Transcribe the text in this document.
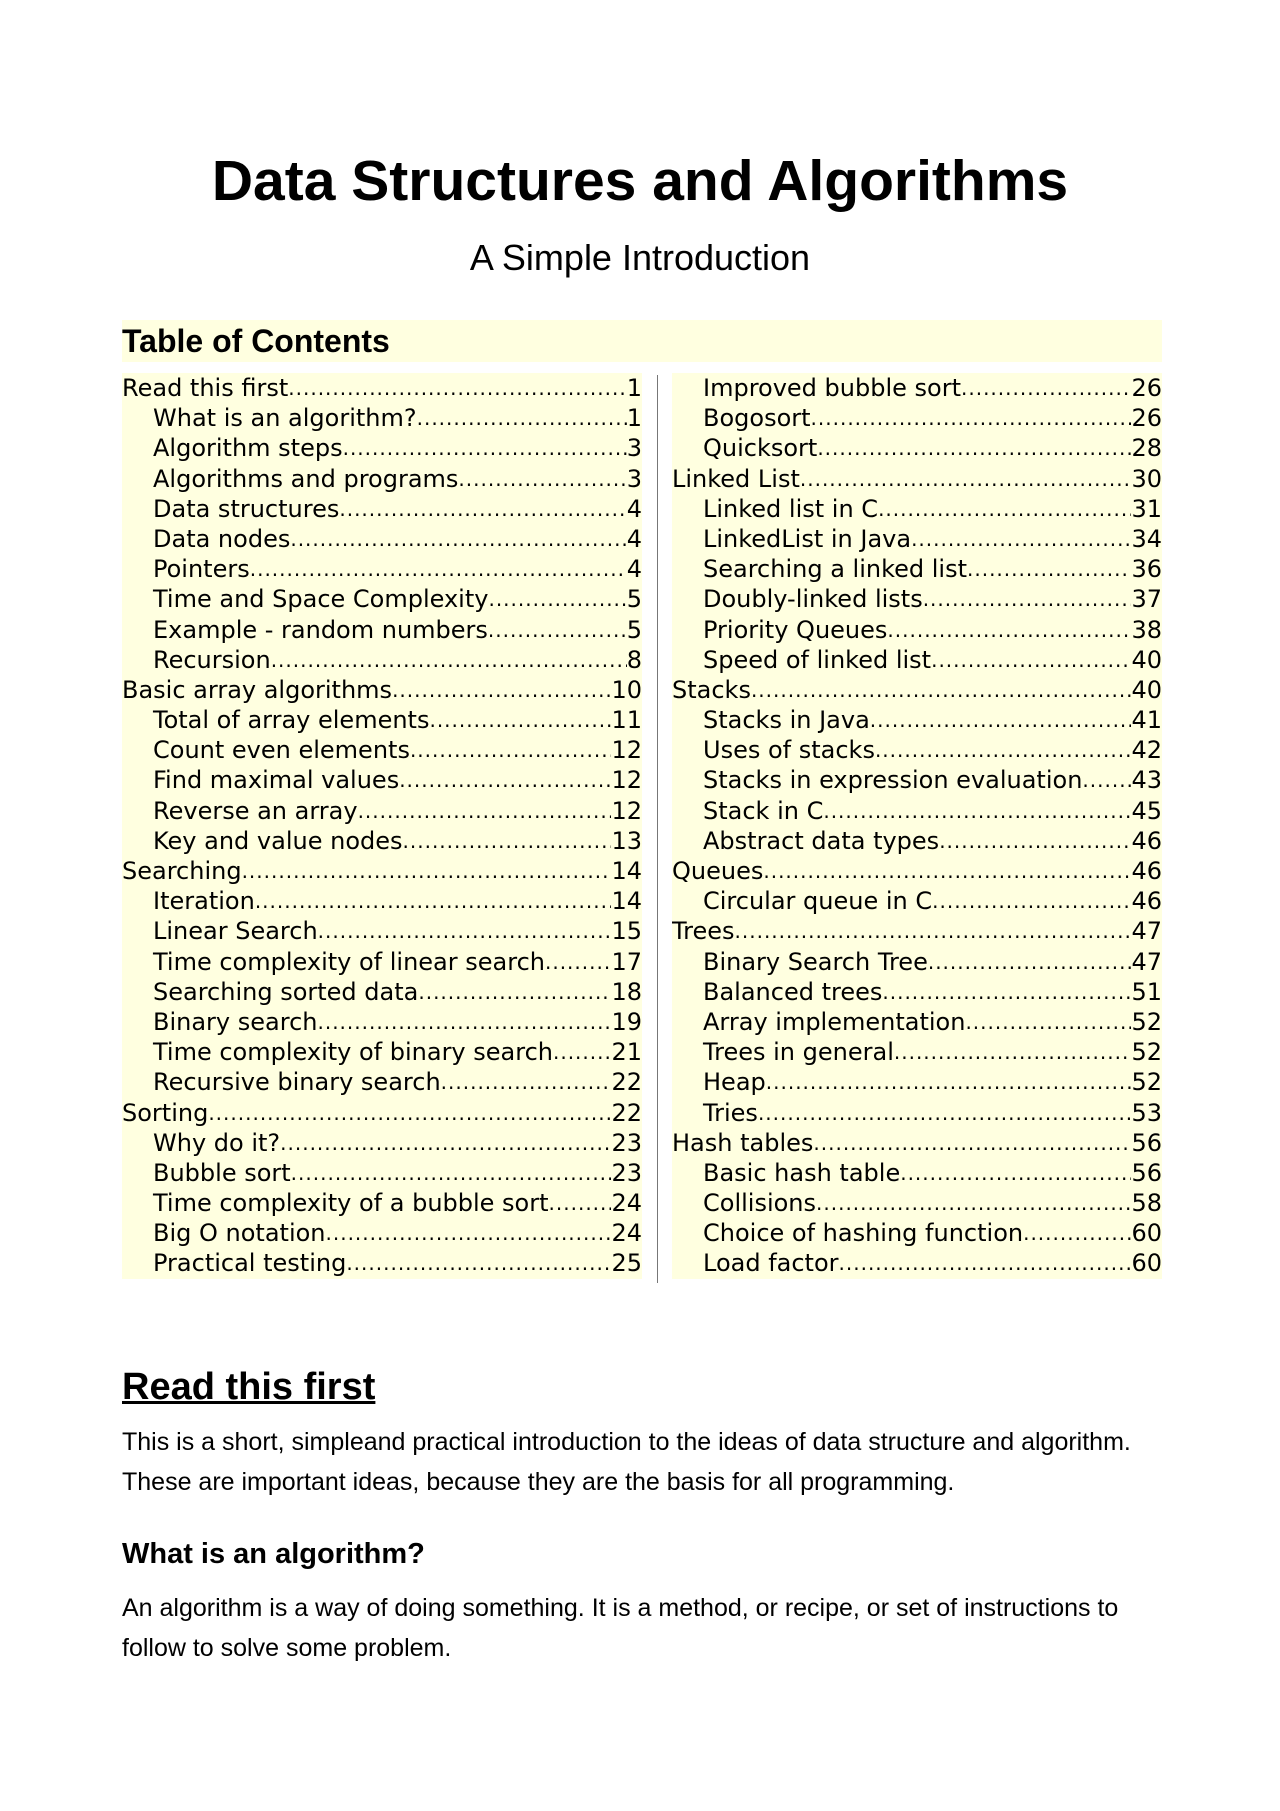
Data Structures and Algorithms

A Simple Introduction

Table of Contents
Read this first .....	1
What is an algorithm? .....	1
Algorithm steps .....	3
Algorithms and programs .....	3
Data structures .....	4
Data nodes .....	4
Pointers .....	4
Time and Space Complexity .....	5
Example - random numbers .....	5
Recursion .....	8
Basic array algorithms .....	10
Total of array elements .....	11
Count even elements .....	12
Find maximal values .....	12
Reverse an array .....	12
Key and value nodes .....	13
Searching .....	14
Iteration .....	14
Linear Search .....	15
Time complexity of linear search .....	17
Searching sorted data .....	18
Binary search .....	19
Time complexity of binary search ..... 21
Recursive binary search .....	22
Sorting .....	22
Why do it? .....	23
Bubble sort .....	23
Time complexity of a bubble sort .....	24
Big O notation .....	24
Practical testing .....	25
Improved bubble sort .....	26
Bogosort .....	26
Quicksort .....	28
Linked List .....	30
Linked list in C .....	31
LinkedList in Java .....	34
Searching a linked list .....	36
Doubly-linked lists .....	37
Priority Queues .....	38
Speed of linked list .....	40
Stacks .....	40
Stacks in Java .....	41
Uses of stacks .....	42
Stacks in expression evaluation ..... 43
Stack in C .....	45
Abstract data types .....	46
Queues .....	46
Circular queue in C .....	46
Trees .....	47
Binary Search Tree .....	47
Balanced trees .....	51
Array implementation .....	52
Trees in general .....	52
Heap .....	52
Tries .....	53
Hash tables .....	56
Basic hash table .....	56
Collisions .....	58
Choice of hashing function .....	60
Load factor .....	60
Read this first

This is a short, simpleand practical introduction to the ideas of data structure and algorithm. These are important ideas, because they are the basis for all programming.

What is an algorithm?

An algorithm is a way of doing something. It is a method, or recipe, or set of instructions to follow to solve some problem.
